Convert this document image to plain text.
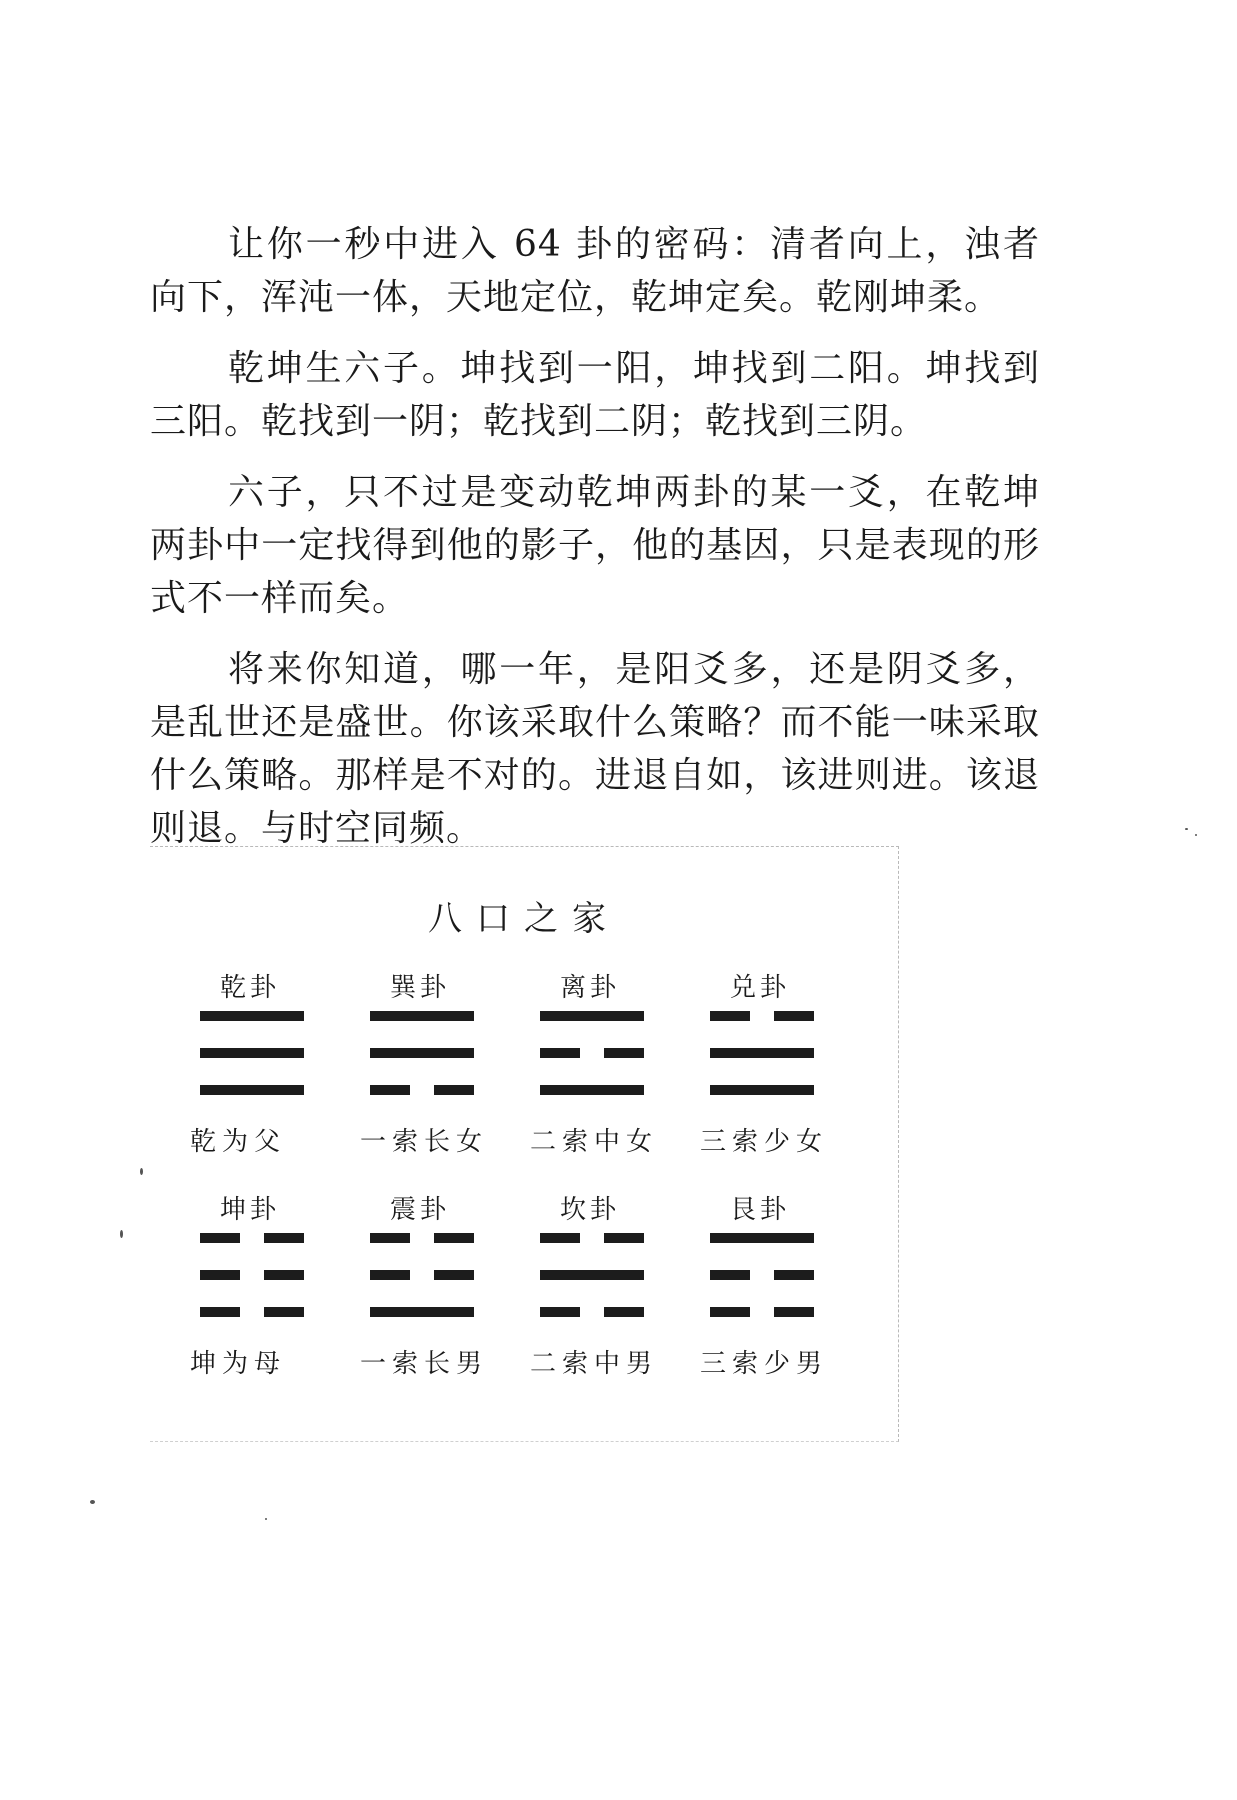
让你一秒中进入 64 卦的密码：清者向上，浊者向下，浑沌一体，天地定位，乾坤定矣。乾刚坤柔。

乾坤生六子。坤找到一阳，坤找到二阳。坤找到三阳。乾找到一阴；乾找到二阴；乾找到三阴。

六子，只不过是变动乾坤两卦的某一爻，在乾坤两卦中一定找得到他的影子，他的基因，只是表现的形式不一样而矣。

将来你知道，哪一年，是阳爻多，还是阴爻多，是乱世还是盛世。你该采取什么策略？而不能一味采取什么策略。那样是不对的。进退自如，该进则进。该退则退。与时空同频。

八口之家
乾卦
乾为父
巽卦
一索长女
离卦
二索中女
兑卦
三索少女
坤卦
坤为母
震卦
一索长男
坎卦
二索中男
艮卦
三索少男
